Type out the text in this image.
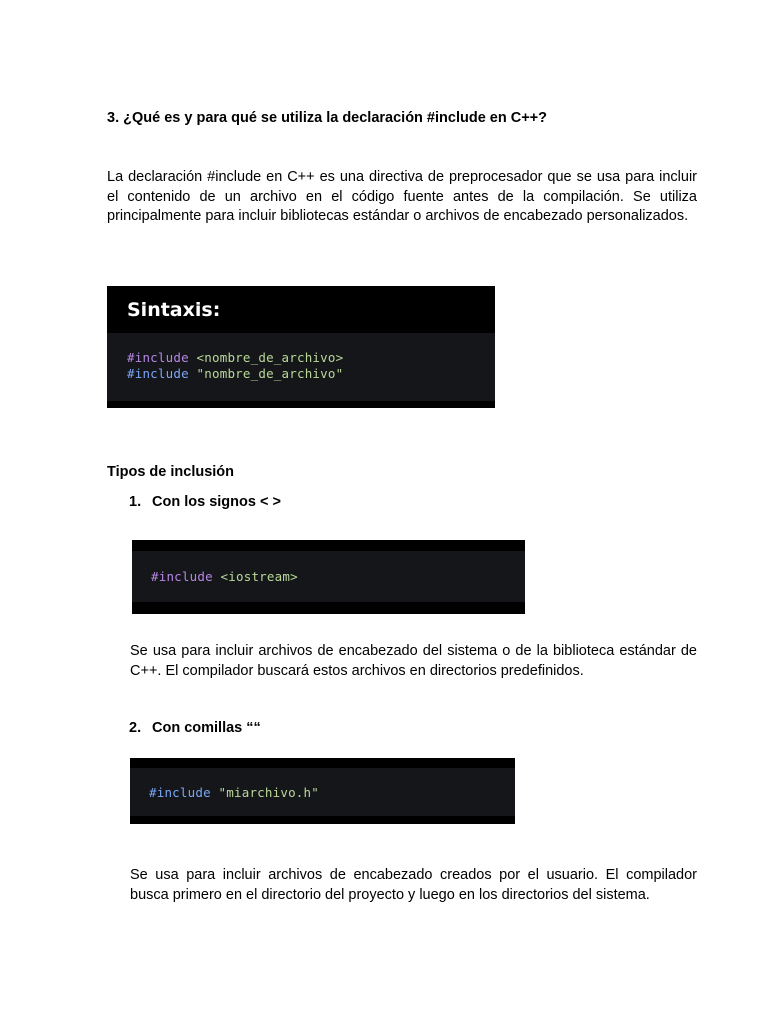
3. ¿Qué es y para qué se utiliza la declaración #include en C++?

La declaración #include en C++ es una directiva de preprocesador que se usa para incluir el contenido de un archivo en el código fuente antes de la compilación. Se utiliza principalmente para incluir bibliotecas estándar o archivos de encabezado personalizados.

Sintaxis:
#include <nombre_de_archivo>
#include "nombre_de_archivo"
Tipos de inclusión
1. Con los signos < >
#include <iostream>

Se usa para incluir archivos de encabezado del sistema o de la biblioteca estándar de C++. El compilador buscará estos archivos en directorios predefinidos.

2. Con comillas ““
#include "miarchivo.h"

Se usa para incluir archivos de encabezado creados por el usuario. El compilador busca primero en el directorio del proyecto y luego en los directorios del sistema.
